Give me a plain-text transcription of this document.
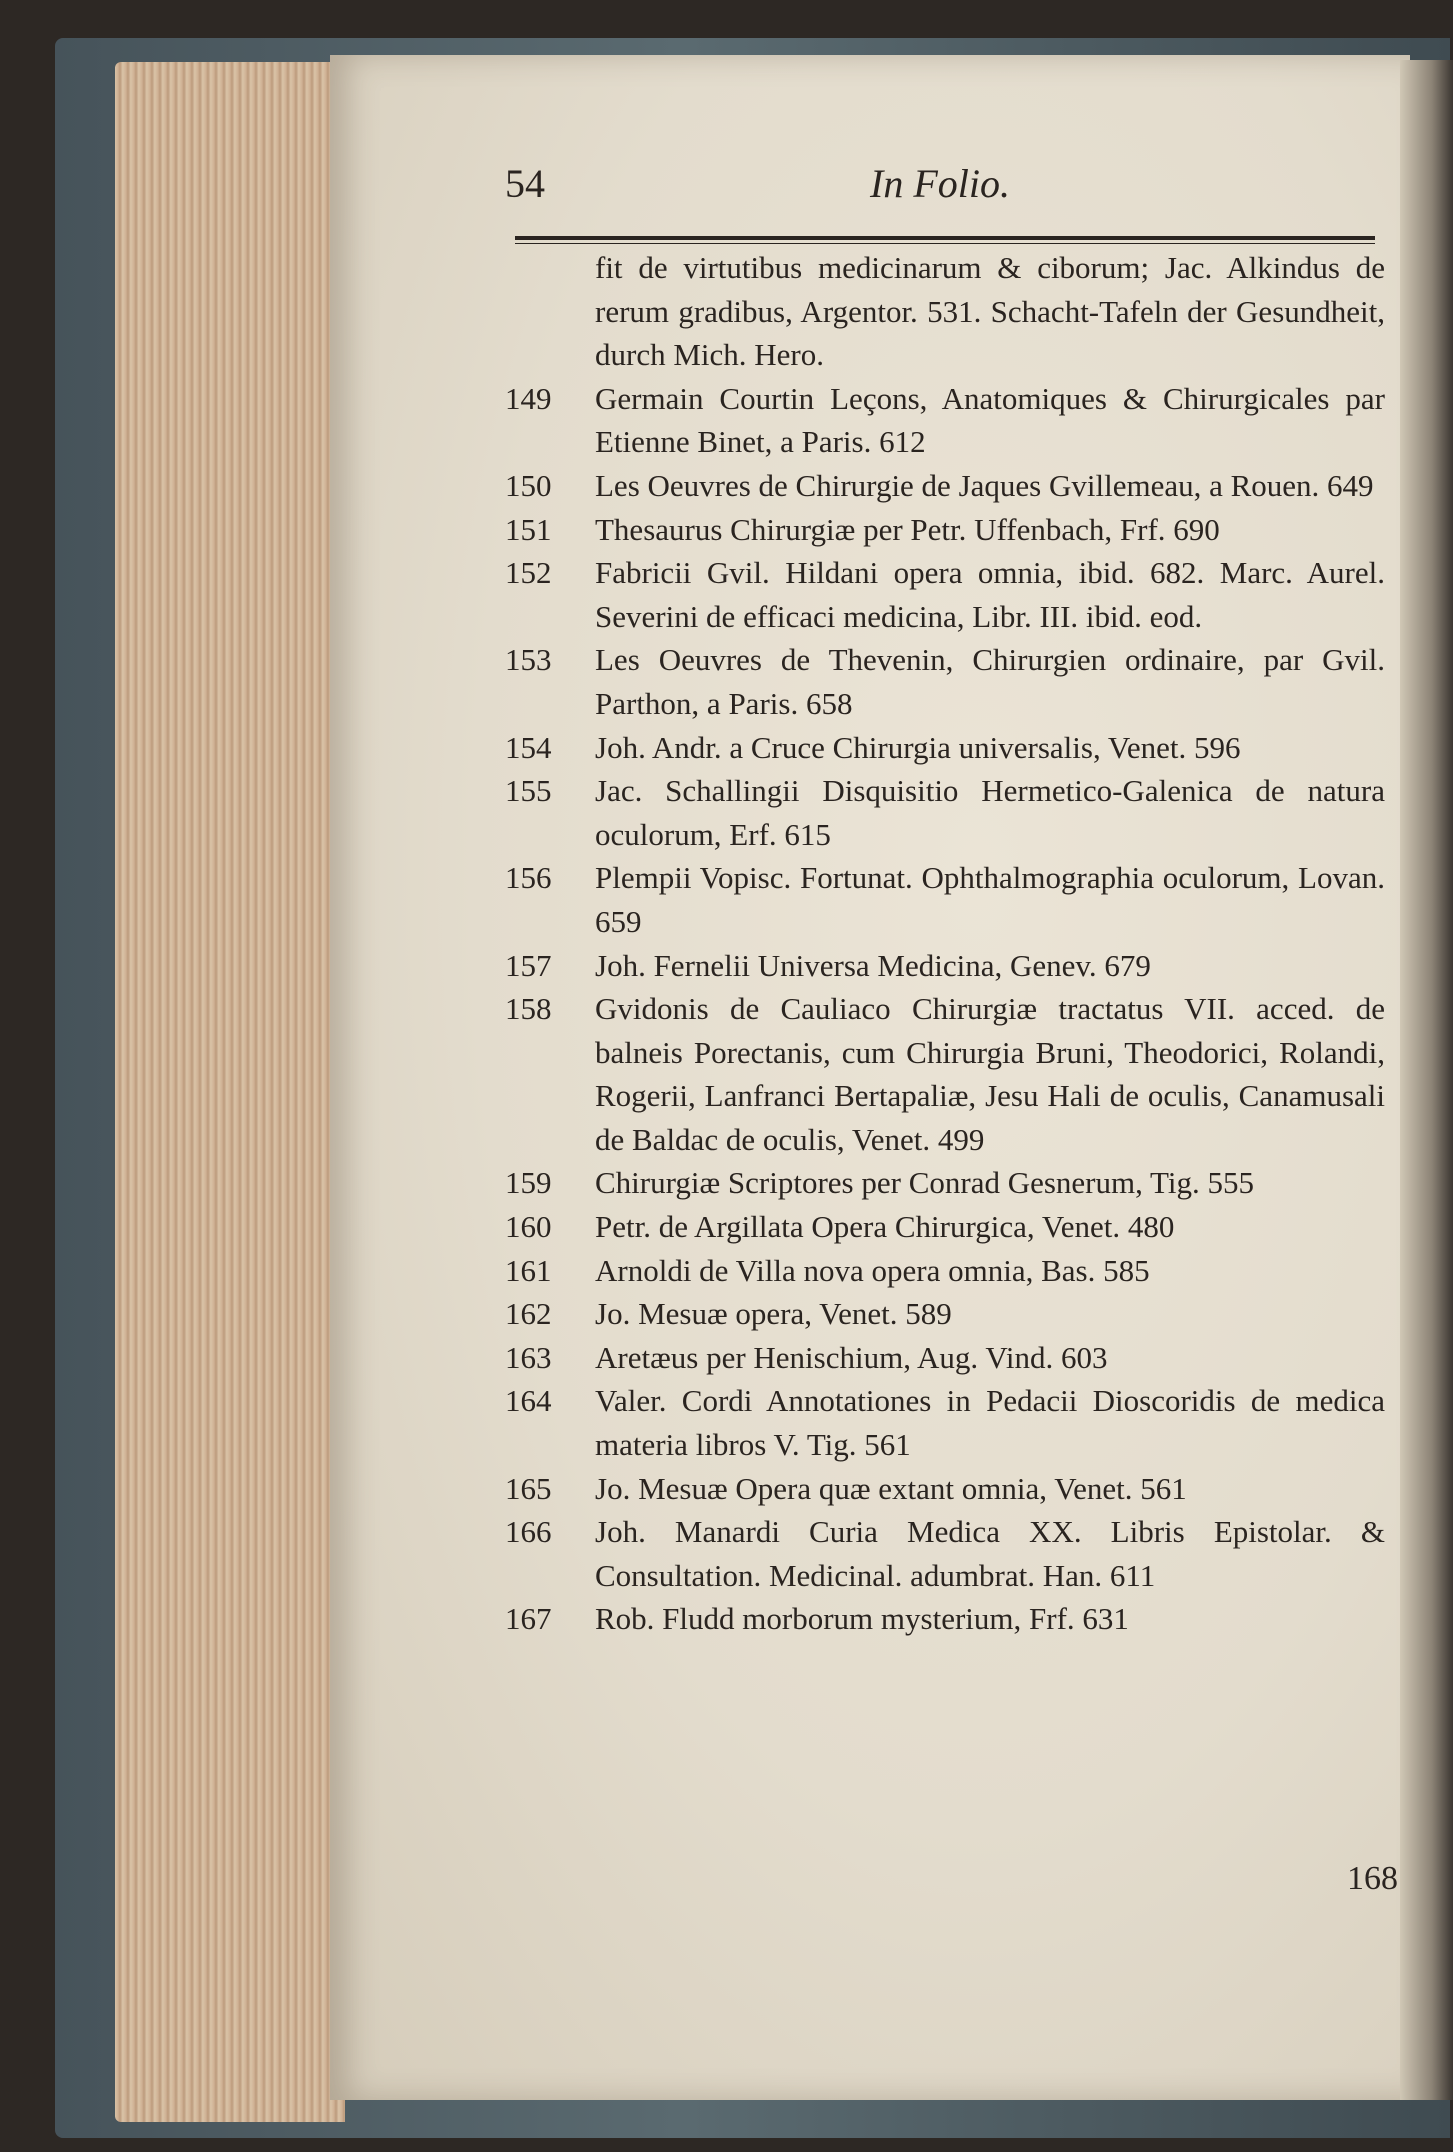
54	In Folio.
fit de virtutibus medicinarum & ciborum; Jac. Alkindus de rerum gradibus, Argentor. 531. Schacht-Tafeln der Gesundheit, durch Mich. Hero.
149	Germain Courtin Leçons, Anatomiques & Chirurgicales par Etienne Binet, a Paris. 612
150	Les Oeuvres de Chirurgie de Jaques Gvillemeau, a Rouen. 649
151	Thesaurus Chirurgiæ per Petr. Uffenbach, Frf. 690
152	Fabricii Gvil. Hildani opera omnia, ibid. 682. Marc. Aurel. Severini de efficaci medicina, Libr. III. ibid. eod.
153	Les Oeuvres de Thevenin, Chirurgien ordinaire, par Gvil. Parthon, a Paris. 658
154	Joh. Andr. a Cruce Chirurgia universalis, Venet. 596
155	Jac. Schallingii Disquisitio Hermetico-Galenica de natura oculorum, Erf. 615
156	Plempii Vopisc. Fortunat. Ophthalmographia oculorum, Lovan. 659
157	Joh. Fernelii Universa Medicina, Genev. 679
158	Gvidonis de Cauliaco Chirurgiæ tractatus VII. acced. de balneis Porectanis, cum Chirurgia Bruni, Theodorici, Rolandi, Rogerii, Lanfranci Bertapaliæ, Jesu Hali de oculis, Canamusali de Baldac de oculis, Venet. 499
159	Chirurgiæ Scriptores per Conrad Gesnerum, Tig. 555
160	Petr. de Argillata Opera Chirurgica, Venet. 480
161	Arnoldi de Villa nova opera omnia, Bas. 585
162	Jo. Mesuæ opera, Venet. 589
163	Aretæus per Henischium, Aug. Vind. 603
164	Valer. Cordi Annotationes in Pedacii Dioscoridis de medica materia libros V. Tig. 561
165	Jo. Mesuæ Opera quæ extant omnia, Venet. 561
166	Joh. Manardi Curia Medica XX. Libris Epistolar. & Consultation. Medicinal. adumbrat. Han. 611
167	Rob. Fludd morborum mysterium, Frf. 631
168
